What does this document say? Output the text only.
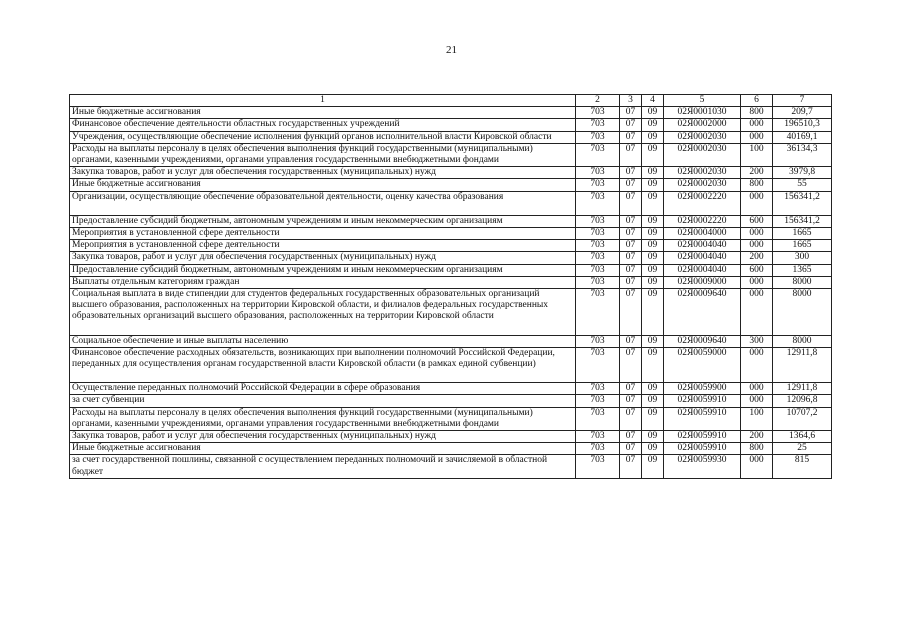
21
1	2	3	4	5	6	7
Иные бюджетные ассигнования	703	07	09	02Я0001030	800	209,7
Финансовое обеспечение деятельности областных государственных учреждений	703	07	09	02Я0002000	000	196510,3
Учреждения, осуществляющие обеспечение исполнения функций органов исполнительной власти Кировской области	703	07	09	02Я0002030	000	40169,1
Расходы на выплаты персоналу в целях обеспечения выполнения функций государственными (муниципальными) органами, казенными учреждениями, органами управления государственными внебюджетными фондами	703	07	09	02Я0002030	100	36134,3
Закупка товаров, работ и услуг для обеспечения государственных (муниципальных) нужд	703	07	09	02Я0002030	200	3979,8
Иные бюджетные ассигнования	703	07	09	02Я0002030	800	55
Организации, осуществляющие обеспечение образовательной деятельности, оценку качества образования	703	07	09	02Я0002220	000	156341,2
Предоставление субсидий бюджетным, автономным учреждениям и иным некоммерческим организациям	703	07	09	02Я0002220	600	156341,2
Мероприятия в установленной сфере деятельности	703	07	09	02Я0004000	000	1665
Мероприятия в установленной сфере деятельности	703	07	09	02Я0004040	000	1665
Закупка товаров, работ и услуг для обеспечения государственных (муниципальных) нужд	703	07	09	02Я0004040	200	300
Предоставление субсидий бюджетным, автономным учреждениям и иным некоммерческим организациям	703	07	09	02Я0004040	600	1365
Выплаты отдельным категориям граждан	703	07	09	02Я0009000	000	8000
Социальная выплата в виде стипендии для студентов федеральных государственных образовательных организаций высшего образования, расположенных на территории Кировской области, и филиалов федеральных государственных образовательных организаций высшего образования, расположенных на территории Кировской области	703	07	09	02Я0009640	000	8000
Социальное обеспечение и иные выплаты населению	703	07	09	02Я0009640	300	8000
Финансовое обеспечение расходных обязательств, возникающих при выполнении полномочий Российской Федерации, переданных для осуществления органам государственной власти Кировской области (в рамках единой субвенции)	703	07	09	02Я0059000	000	12911,8
Осуществление переданных полномочий Российской Федерации в сфере образования	703	07	09	02Я0059900	000	12911,8
за счет субвенции	703	07	09	02Я0059910	000	12096,8
Расходы на выплаты персоналу в целях обеспечения выполнения функций государственными (муниципальными) органами, казенными учреждениями, органами управления государственными внебюджетными фондами	703	07	09	02Я0059910	100	10707,2
Закупка товаров, работ и услуг для обеспечения государственных (муниципальных) нужд	703	07	09	02Я0059910	200	1364,6
Иные бюджетные ассигнования	703	07	09	02Я0059910	800	25
за счет государственной пошлины, связанной с осуществлением переданных полномочий и зачисляемой в областной бюджет	703	07	09	02Я0059930	000	815
